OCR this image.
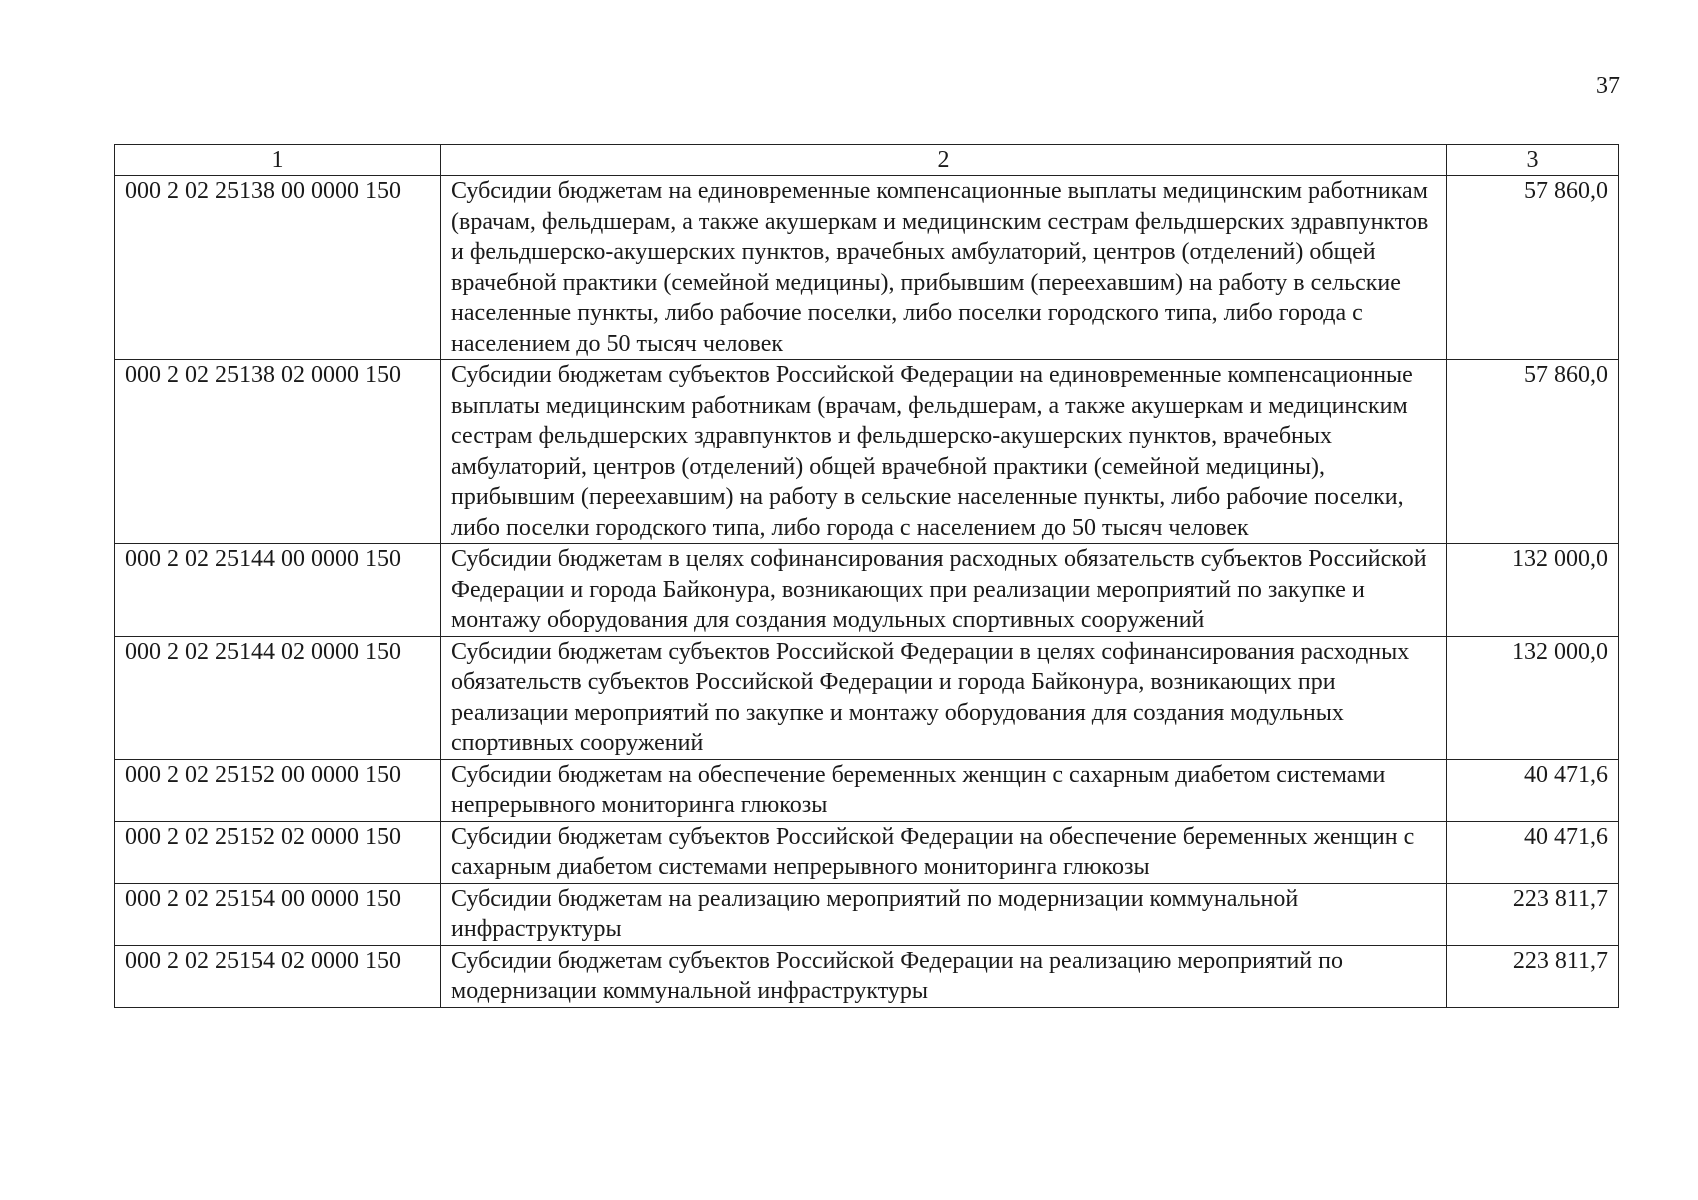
37
1	2	3
000 2 02 25138 00 0000 150	Субсидии бюджетам на единовременные компенсационные выплаты медицинским работникам (врачам, фельдшерам, а также акушеркам и медицинским сестрам фельдшерских здравпунктов и фельдшерско-акушерских пунктов, врачебных амбулаторий, центров (отделений) общей врачебной практики (семейной медицины), прибывшим (переехавшим) на работу в сельские населенные пункты, либо рабочие поселки, либо поселки городского типа, либо города с населением до 50 тысяч человек	57 860,0
000 2 02 25138 02 0000 150	Субсидии бюджетам субъектов Российской Федерации на единовременные компенсационные выплаты медицинским работникам (врачам, фельдшерам, а также акушеркам и медицинским сестрам фельдшерских здравпунктов и фельдшерско-акушерских пунктов, врачебных амбулаторий, центров (отделений) общей врачебной практики (семейной медицины), прибывшим (переехавшим) на работу в сельские населенные пункты, либо рабочие поселки, либо поселки городского типа, либо города с населением до 50 тысяч человек	57 860,0
000 2 02 25144 00 0000 150	Субсидии бюджетам в целях софинансирования расходных обязательств субъектов Российской Федерации и города Байконура, возникающих при реализации мероприятий по закупке и монтажу оборудования для создания модульных спортивных сооружений	132 000,0
000 2 02 25144 02 0000 150	Субсидии бюджетам субъектов Российской Федерации в целях софинансирования расходных обязательств субъектов Российской Федерации и города Байконура, возникающих при реализации мероприятий по закупке и монтажу оборудования для создания модульных спортивных сооружений	132 000,0
000 2 02 25152 00 0000 150	Субсидии бюджетам на обеспечение беременных женщин с сахарным диабетом системами непрерывного мониторинга глюкозы	40 471,6
000 2 02 25152 02 0000 150	Субсидии бюджетам субъектов Российской Федерации на обеспечение беременных женщин с сахарным диабетом системами непрерывного мониторинга глюкозы	40 471,6
000 2 02 25154 00 0000 150	Субсидии бюджетам на реализацию мероприятий по модернизации коммунальной инфраструктуры	223 811,7
000 2 02 25154 02 0000 150	Субсидии бюджетам субъектов Российской Федерации на реализацию мероприятий по модернизации коммунальной инфраструктуры	223 811,7
